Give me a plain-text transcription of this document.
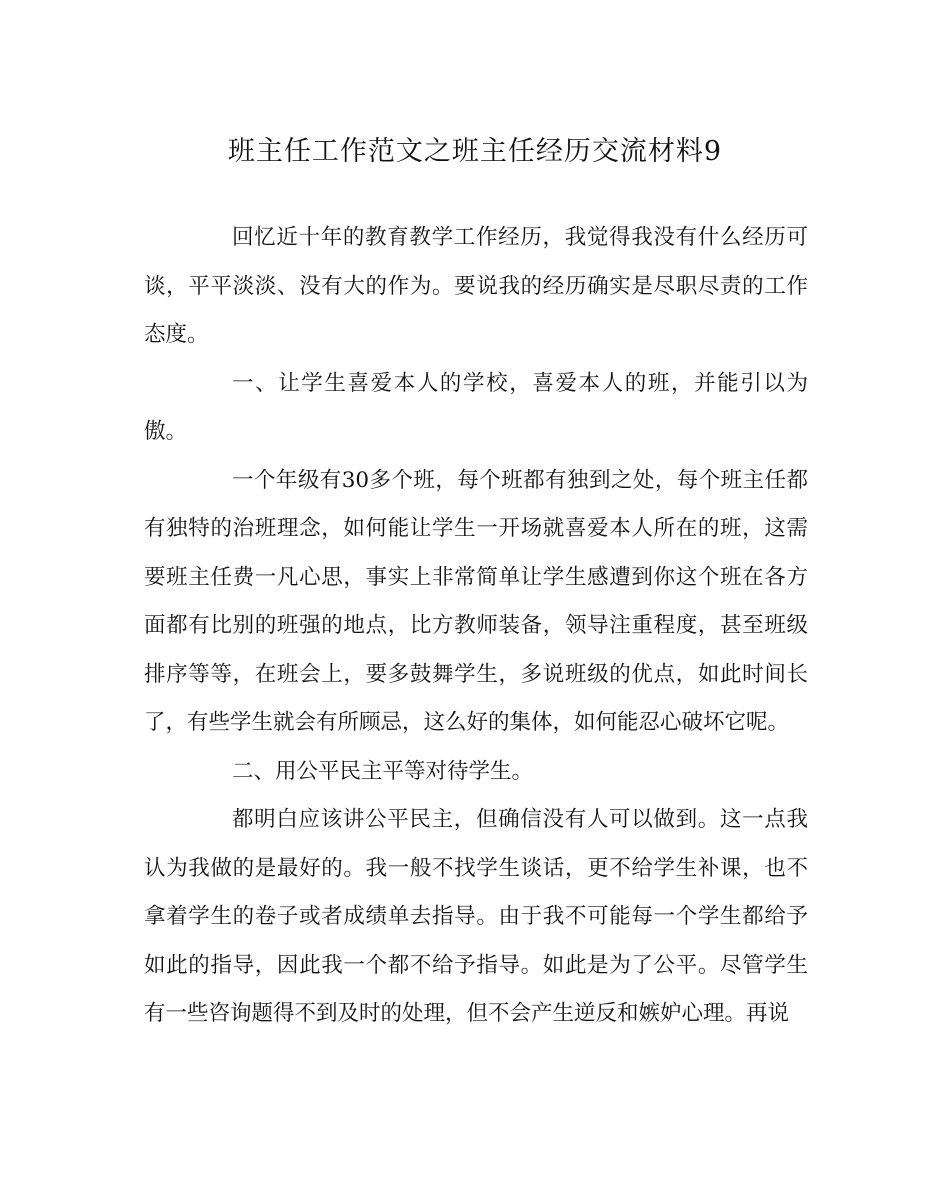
班主任工作范文之班主任经历交流材料9

回忆近十年的教育教学工作经历，我觉得我没有什么经历可谈，平平淡淡、没有大的作为。要说我的经历确实是尽职尽责的工作态度。

一、让学生喜爱本人的学校，喜爱本人的班，并能引以为傲。

一个年级有30多个班，每个班都有独到之处，每个班主任都有独特的治班理念，如何能让学生一开场就喜爱本人所在的班，这需要班主任费一凡心思，事实上非常简单让学生感遭到你这个班在各方面都有比别的班强的地点，比方教师装备，领导注重程度，甚至班级排序等等，在班会上，要多鼓舞学生，多说班级的优点，如此时间长了，有些学生就会有所顾忌，这么好的集体，如何能忍心破坏它呢。

二、用公平民主平等对待学生。

都明白应该讲公平民主，但确信没有人可以做到。这一点我认为我做的是最好的。我一般不找学生谈话，更不给学生补课，也不拿着学生的卷子或者成绩单去指导。由于我不可能每一个学生都给予如此的指导，因此我一个都不给予指导。如此是为了公平。尽管学生有一些咨询题得不到及时的处理，但不会产生逆反和嫉妒心理。再说
